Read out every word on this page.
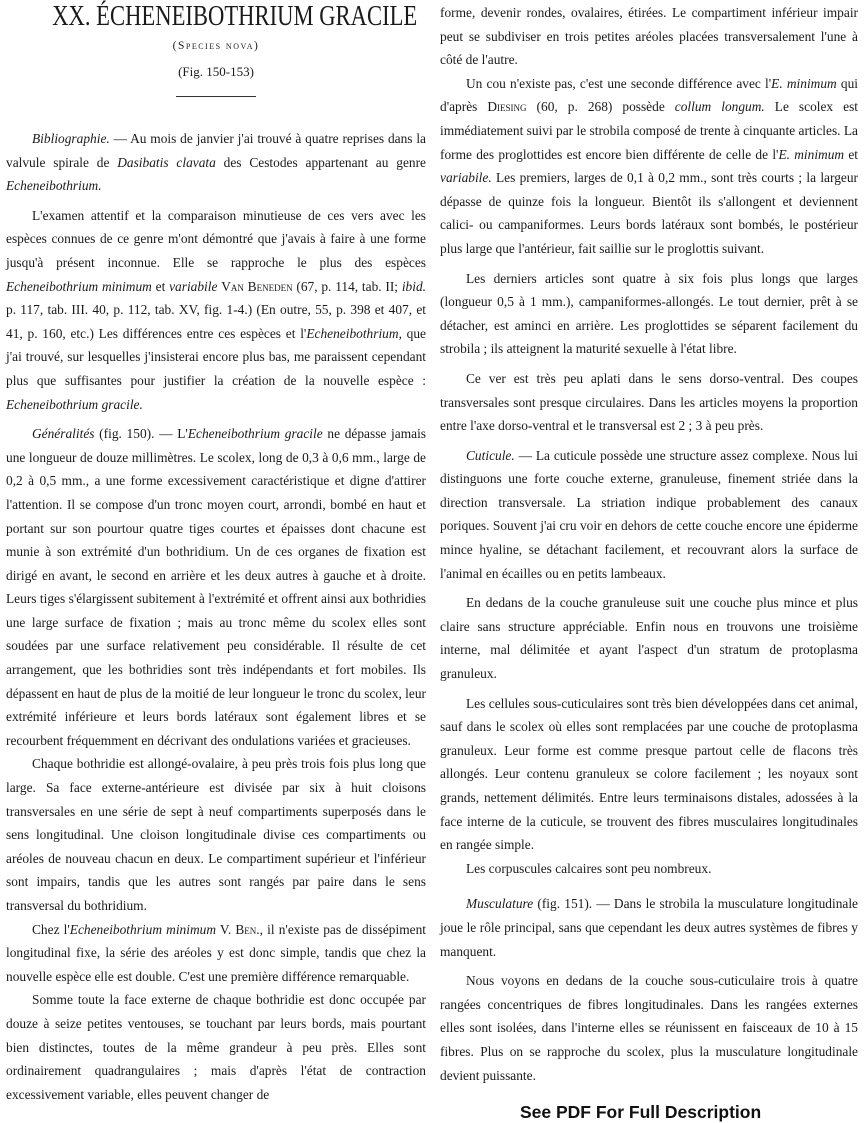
XX. ÉCHENEIBOTHRIUM GRACILE
(Species nova)
(Fig. 150-153)

Bibliographie. — Au mois de janvier j'ai trouvé à quatre reprises dans la valvule spirale de Dasibatis clavata des Cestodes appartenant au genre Echeneibothrium.

L'examen attentif et la comparaison minutieuse de ces vers avec les espèces connues de ce genre m'ont démontré que j'avais à faire à une forme jusqu'à présent inconnue. Elle se rapproche le plus des espèces Echeneibothrium minimum et variabile Van Beneden (67, p. 114, tab. II; ibid. p. 117, tab. III. 40, p. 112, tab. XV, fig. 1-4.) (En outre, 55, p. 398 et 407, et 41, p. 160, etc.) Les différences entre ces espèces et l'Echeneibothrium, que j'ai trouvé, sur lesquelles j'insisterai encore plus bas, me paraissent cependant plus que suffisantes pour justifier la création de la nouvelle espèce : Echeneibothrium gracile.

Généralités (fig. 150). — L'Echeneibothrium gracile ne dépasse jamais une longueur de douze millimètres. Le scolex, long de 0,3 à 0,6 mm., large de 0,2 à 0,5 mm., a une forme excessivement caractéristique et digne d'attirer l'attention. Il se compose d'un tronc moyen court, arrondi, bombé en haut et portant sur son pourtour quatre tiges courtes et épaisses dont chacune est munie à son extrémité d'un bothridium. Un de ces organes de fixation est dirigé en avant, le second en arrière et les deux autres à gauche et à droite. Leurs tiges s'élargissent subitement à l'extrémité et offrent ainsi aux bothridies une large surface de fixation ; mais au tronc même du scolex elles sont soudées par une surface relativement peu considérable. Il résulte de cet arrangement, que les bothridies sont très indépendants et fort mobiles. Ils dépassent en haut de plus de la moitié de leur longueur le tronc du scolex, leur extrémité inférieure et leurs bords latéraux sont également libres et se recourbent fréquemment en décrivant des ondulations variées et gracieuses.

Chaque bothridie est allongé-ovalaire, à peu près trois fois plus long que large. Sa face externe-antérieure est divisée par six à huit cloisons transversales en une série de sept à neuf compartiments superposés dans le sens longitudinal. Une cloison longitudinale divise ces compartiments ou aréoles de nouveau chacun en deux. Le compartiment supérieur et l'inférieur sont impairs, tandis que les autres sont rangés par paire dans le sens transversal du bothridium.

Chez l'Echeneibothrium minimum V. Ben., il n'existe pas de dissépiment longitudinal fixe, la série des aréoles y est donc simple, tandis que chez la nouvelle espèce elle est double. C'est une première différence remarquable.

Somme toute la face externe de chaque bothridie est donc occupée par douze à seize petites ventouses, se touchant par leurs bords, mais pourtant bien distinctes, toutes de la même grandeur à peu près. Elles sont ordinairement quadrangulaires ; mais d'après l'état de contraction excessivement variable, elles peuvent changer de

forme, devenir rondes, ovalaires, étirées. Le compartiment inférieur impair peut se subdiviser en trois petites aréoles placées transversalement l'une à côté de l'autre.

Un cou n'existe pas, c'est une seconde différence avec l'E. minimum qui d'après Diesing (60, p. 268) possède collum longum. Le scolex est immédiatement suivi par le strobila composé de trente à cinquante articles. La forme des proglottides est encore bien différente de celle de l'E. minimum et variabile. Les premiers, larges de 0,1 à 0,2 mm., sont très courts ; la largeur dépasse de quinze fois la longueur. Bientôt ils s'allongent et deviennent calici- ou campaniformes. Leurs bords latéraux sont bombés, le postérieur plus large que l'antérieur, fait saillie sur le proglottis suivant.

Les derniers articles sont quatre à six fois plus longs que larges (longueur 0,5 à 1 mm.), campaniformes-allongés. Le tout dernier, prêt à se détacher, est aminci en arrière. Les proglottides se séparent facilement du strobila ; ils atteignent la maturité sexuelle à l'état libre.

Ce ver est très peu aplati dans le sens dorso-ventral. Des coupes transversales sont presque circulaires. Dans les articles moyens la proportion entre l'axe dorso-ventral et le transversal est 2 ; 3 à peu près.

Cuticule. — La cuticule possède une structure assez complexe. Nous lui distinguons une forte couche externe, granuleuse, finement striée dans la direction transversale. La striation indique probablement des canaux poriques. Souvent j'ai cru voir en dehors de cette couche encore une épiderme mince hyaline, se détachant facilement, et recouvrant alors la surface de l'animal en écailles ou en petits lambeaux.

En dedans de la couche granuleuse suit une couche plus mince et plus claire sans structure appréciable. Enfin nous en trouvons une troisième interne, mal délimitée et ayant l'aspect d'un stratum de protoplasma granuleux.

Les cellules sous-cuticulaires sont très bien développées dans cet animal, sauf dans le scolex où elles sont remplacées par une couche de protoplasma granuleux. Leur forme est comme presque partout celle de flacons très allongés. Leur contenu granuleux se colore facilement ; les noyaux sont grands, nettement délimités. Entre leurs terminaisons distales, adossées à la face interne de la cuticule, se trouvent des fibres musculaires longitudinales en rangée simple.

Les corpuscules calcaires sont peu nombreux.

Musculature (fig. 151). — Dans le strobila la musculature longitudinale joue le rôle principal, sans que cependant les deux autres systèmes de fibres y manquent.

Nous voyons en dedans de la couche sous-cuticulaire trois à quatre rangées concentriques de fibres longitudinales. Dans les rangées externes elles sont isolées, dans l'interne elles se réunissent en faisceaux de 10 à 15 fibres. Plus on se rapproche du scolex, plus la musculature longitudinale devient puissante.

See PDF For Full Description
